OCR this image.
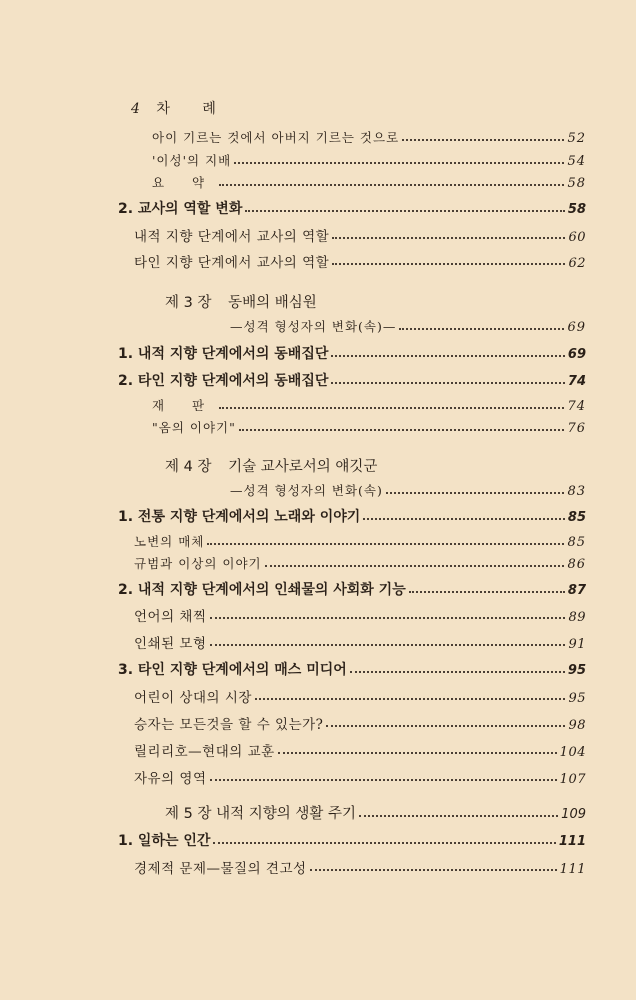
4 차 례
아이 기르는 것에서 아버지 기르는 것으로	52
'이성'의 지배	54
요 약	58
2. 교사의 역할 변화	58
내적 지향 단계에서 교사의 역할	60
타인 지향 단계에서 교사의 역할	62
제 3 장 동배의 배심원
—성격 형성자의 변화(속)—	69
1. 내적 지향 단계에서의 동배집단	69
2. 타인 지향 단계에서의 동배집단	74
재 판	74
"옴의 이야기"	76
제 4 장 기술 교사로서의 얘깃군
—성격 형성자의 변화(속)	83
1. 전통 지향 단계에서의 노래와 이야기	85
노변의 매체	85
규범과 이상의 이야기	86
2. 내적 지향 단계에서의 인쇄물의 사회화 기능	87
언어의 채찍	89
인쇄된 모형	91
3. 타인 지향 단계에서의 매스 미디어	95
어린이 상대의 시장	95
승자는 모든것을 할 수 있는가?	98
릴리리호—현대의 교훈	104
자유의 영역	107
제 5 장 내적 지향의 생활 주기	109
1. 일하는 인간	111
경제적 문제—물질의 견고성	111
